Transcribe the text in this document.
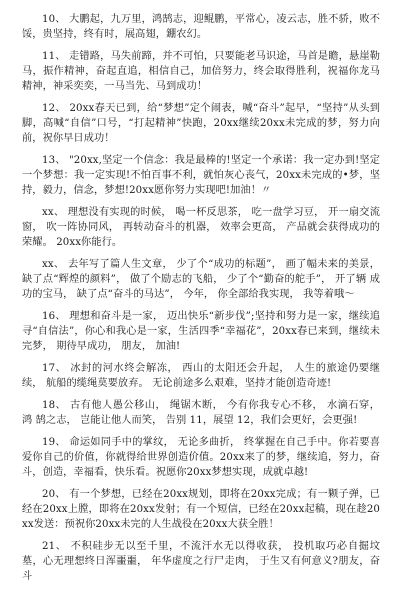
10、 大鹏起，九万里，鸿鹄志，迎鲲鹏，平常心，凌云志，胜不骄，败不馁，贵坚持，终有时，展高翅，錋农幻。

11、 走错路，马失前蹄，并不可怕，只要能老马识途，马首是瞻，悬崖勒马，振作精神，奋起直追，相信自己，加倍努力，终会取得胜利，祝福你龙马精神，神采奕奕，一马当先、马到成功！

12、 20xx春天已到，给“梦想”定个闹表，喊“奋斗”起早，“坚持”从头到脚，高喊“自信”口号，“打起精神”快跑，20xx继续20xx未完成的梦，努力向前，祝你早日成功！

13、 "20xx,坚定一个信念：我是最棒的!坚定一个承诺：我一定办到!坚定一个梦想：我一定实现!不怕百事不利，就怕灰心丧气，20xx未完成的•梦，坚持，毅力，信念，梦想!20xx愿你努力实现吧!加油！〃

xx、 理想没有实现的时候， 喝一杯反思茶， 吃一盘学习豆， 开一扇交流窗， 吹一阵协同风， 再转动奋斗的机器， 效率会更高， 产品就会获得成功的荣耀。 20xx你能行。

xx、 去年写了篇人生文章， 少了个“成功的标题”， 画了幅未来的美景， 缺了点“辉煌的颜料”， 做了个励志的飞船， 少了个“勤奋的舵手”， 开了辆 成功的宝马， 缺了点“奋斗的马达”， 今年， 你全部给我实现， 我等着哦～

16、 理想和奋斗是一家， 迈出快乐“新步伐”;坚持和努力是一家，继续追寻“自信法”，你心和我心是一家，生活四季“幸福花”，20xx春已来到，继续未完梦， 期待早成功， 朋友， 加油!

17、 冰封的河水终会解冻， 西山的太阳还会升起， 人生的旅途仍要继续， 航船的缆绳莫要放弃。 无论前途多么艰难，坚持才能创造奇迹!

18、 古有他人愚公移山， 绳锯木断， 今有你我专心不移， 水滴石穿， 鸿 鹄之志， 岂能让他人而笑， 告别 11，展望 12，我们会更好，会更强!

19、 命运如同手中的掌纹， 无论多曲折， 终掌握在自己手中。你若要喜爱你自己的价值，你就得给世界创造价值。20xx来了的梦，继续追，努力，奋斗，创造，幸福看，快乐看。祝愿你20xx梦想实现，成就卓越!

20、 有一个梦想，已经在20xx规划，即将在20xx完成；有一颗子弹，已经在20xx上膛，即将在20xx发射；有一个短信，已经在20xx起稿，现在趁20xx发送：预祝你20xx未完的人生战役在20xx大获全胜！

21、 不积硅步无以至千里，不流汗水无以得收获， 投机取巧必自掘坟墓，心无理想终日浑噩噩， 年华虚度之行尸走肉， 于生又有何意义?朋友，奋斗
